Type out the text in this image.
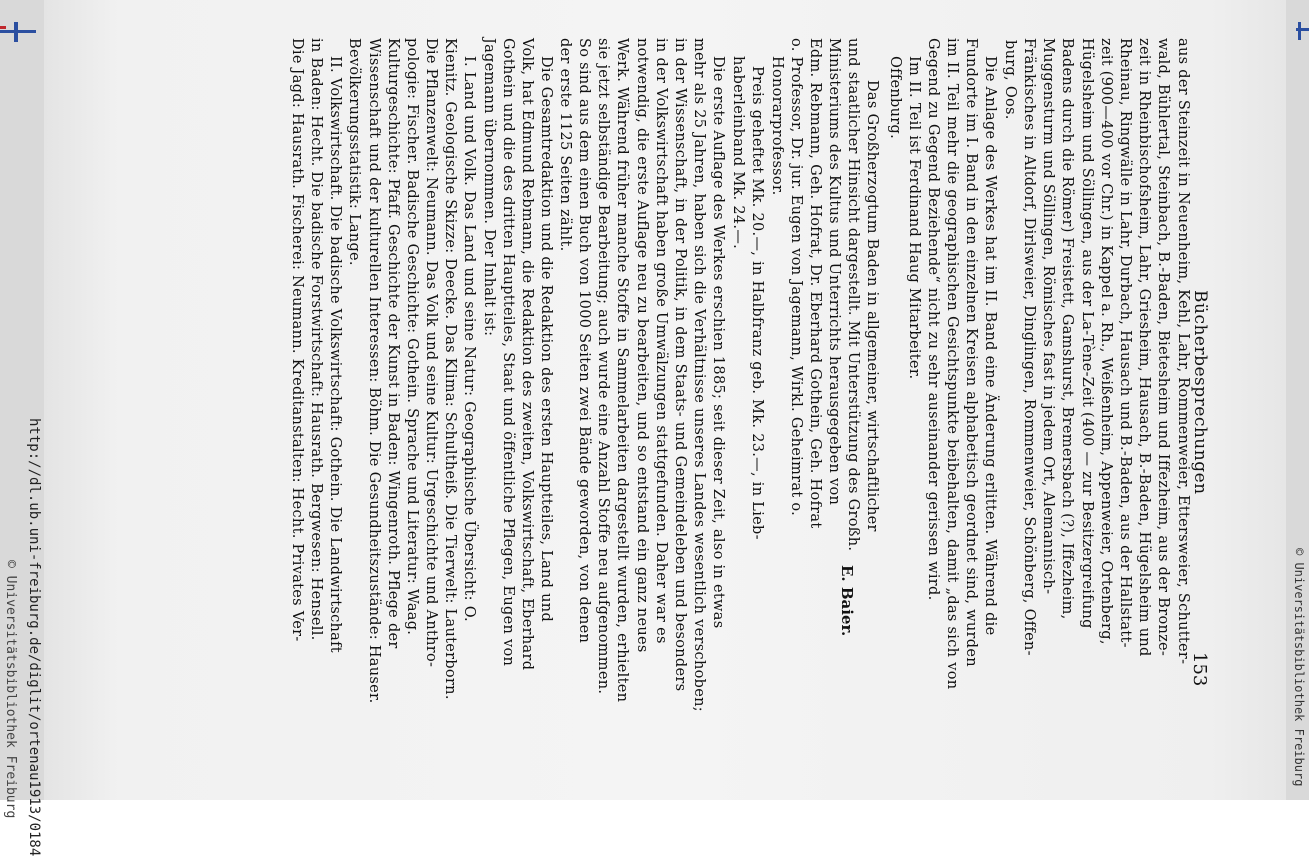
Bücherbesprechungen
153
E. Baier.	aus der Steinzeit in Neuenheim, Kehl, Lahr, Rommenweier, Ettersweier, Schutter-
wald, Bühlertal, Steinbach, B.-Baden, Bietesheim und Iffezheim, aus der Bronze-
zeit in Rheinbischofsheim, Lahr, Griesheim, Hausach, B.-Baden, Hügelsheim und
Rheinau, Ringwälle in Lahr, Durbach, Hausach und B.-Baden, aus der Hallstatt-
zeit (900—400 vor Chr.) in Kappel a. Rh., Weißenheim, Appenweier, Ortenberg,
Hügelsheim und Söllingen, aus der La-Tène-Zeit (400 — zur Besitzergreifung
Badens durch die Römer) Freistett, Gamshurst, Bremersbach (?), Iffezheim,
Muggensturm und Söllingen, Römisches fast in jedem Ort, Alemannisch-
Fränkisches in Altdorf, Dirlsweier, Dinglingen, Rommenweier, Schönberg, Offen-
burg, Oos.
Die Anlage des Werkes hat im II. Band eine Änderung erlitten. Während die
Fundorte im I. Band in den einzelnen Kreisen alphabetisch geordnet sind, wurden
im II. Teil mehr die geographischen Gesichtspunkte beibehalten, damit „das sich von
Gegend zu Gegend Beziehende“ nicht zu sehr auseinander gerissen wird.
Im II. Teil ist Ferdinand Haug Mitarbeiter.
Offenburg.
Das Großherzogtum Baden in allgemeiner, wirtschaftlicher
und staatlicher Hinsicht dargestellt. Mit Unterstützung des Großh.
Ministeriums des Kultus und Unterrichts herausgegeben von
Edm. Rebmann, Geh. Hofrat, Dr. Eberhard Gothein, Geh. Hofrat
o. Professor, Dr. jur. Eugen von Jagemann, Wirkl. Geheimrat o.
Honorarprofessor.
Preis geheftet Mk. 20.—, in Halbfranz geb. Mk. 23.—, in Lieb-
haberleinband Mk. 24.—.
Die erste Auflage des Werkes erschien 1885; seit dieser Zeit, also in etwas
mehr als 25 Jahren, haben sich die Verhältnisse unseres Landes wesentlich verschoben;
in der Wissenschaft, in der Politik, in dem Staats- und Gemeindeleben und besonders
in der Volkswirtschaft haben große Umwälzungen stattgefunden. Daher war es
notwendig, die erste Auflage neu zu bearbeiten, und so entstand ein ganz neues
Werk. Während früher manche Stoffe in Sammelarbeiten dargestellt wurden, erhielten
sie jetzt selbständige Bearbeitung; auch wurde eine Anzahl Stoffe neu aufgenommen.
So sind aus dem einen Buch von 1000 Seiten zwei Bände geworden, von denen
der erste 1125 Seiten zählt.
Die Gesamtredaktion und die Redaktion des ersten Hauptteiles, Land und
Volk, hat Edmund Rebmann, die Redaktion des zweiten, Volkswirtschaft, Eberhard
Gothein und die des dritten Hauptteiles, Staat und öffentliche Pflegen, Eugen von
Jagemann übernommen. Der Inhalt ist:
I. Land und Volk. Das Land und seine Natur: Geographische Übersicht: O.
Kienitz. Geologische Skizze: Deecke. Das Klima: Schultheiß. Die Tierwelt: Lauterborn.
Die Pflanzenwelt: Neumann. Das Volk und seine Kultur: Urgeschichte und Anthro-
pologie: Fischer. Badische Geschichte: Gothein. Sprache und Literatur: Waag.
Kulturgeschichte: Pfaff. Geschichte der Kunst in Baden: Wingenroth. Pflege der
Wissenschaft und der kulturellen Interessen: Böhm. Die Gesundheitszustände: Hauser.
Bevölkerungsstatistik: Lange.
II. Volkswirtschaft. Die badische Volkswirtschaft: Gothein. Die Landwirtschaft
in Baden: Hecht. Die badische Forstwirtschaft: Hausrath. Bergwesen: Hensell.
Die Jagd: Hausrath. Fischerei: Neumann. Kreditanstalten: Hecht. Privates Ver-
http://dl.ub.uni-freiburg.de/diglit/ortenau1913/0184
© Universitätsbibliothek Freiburg	© Universitätsbibliothek Freiburg
